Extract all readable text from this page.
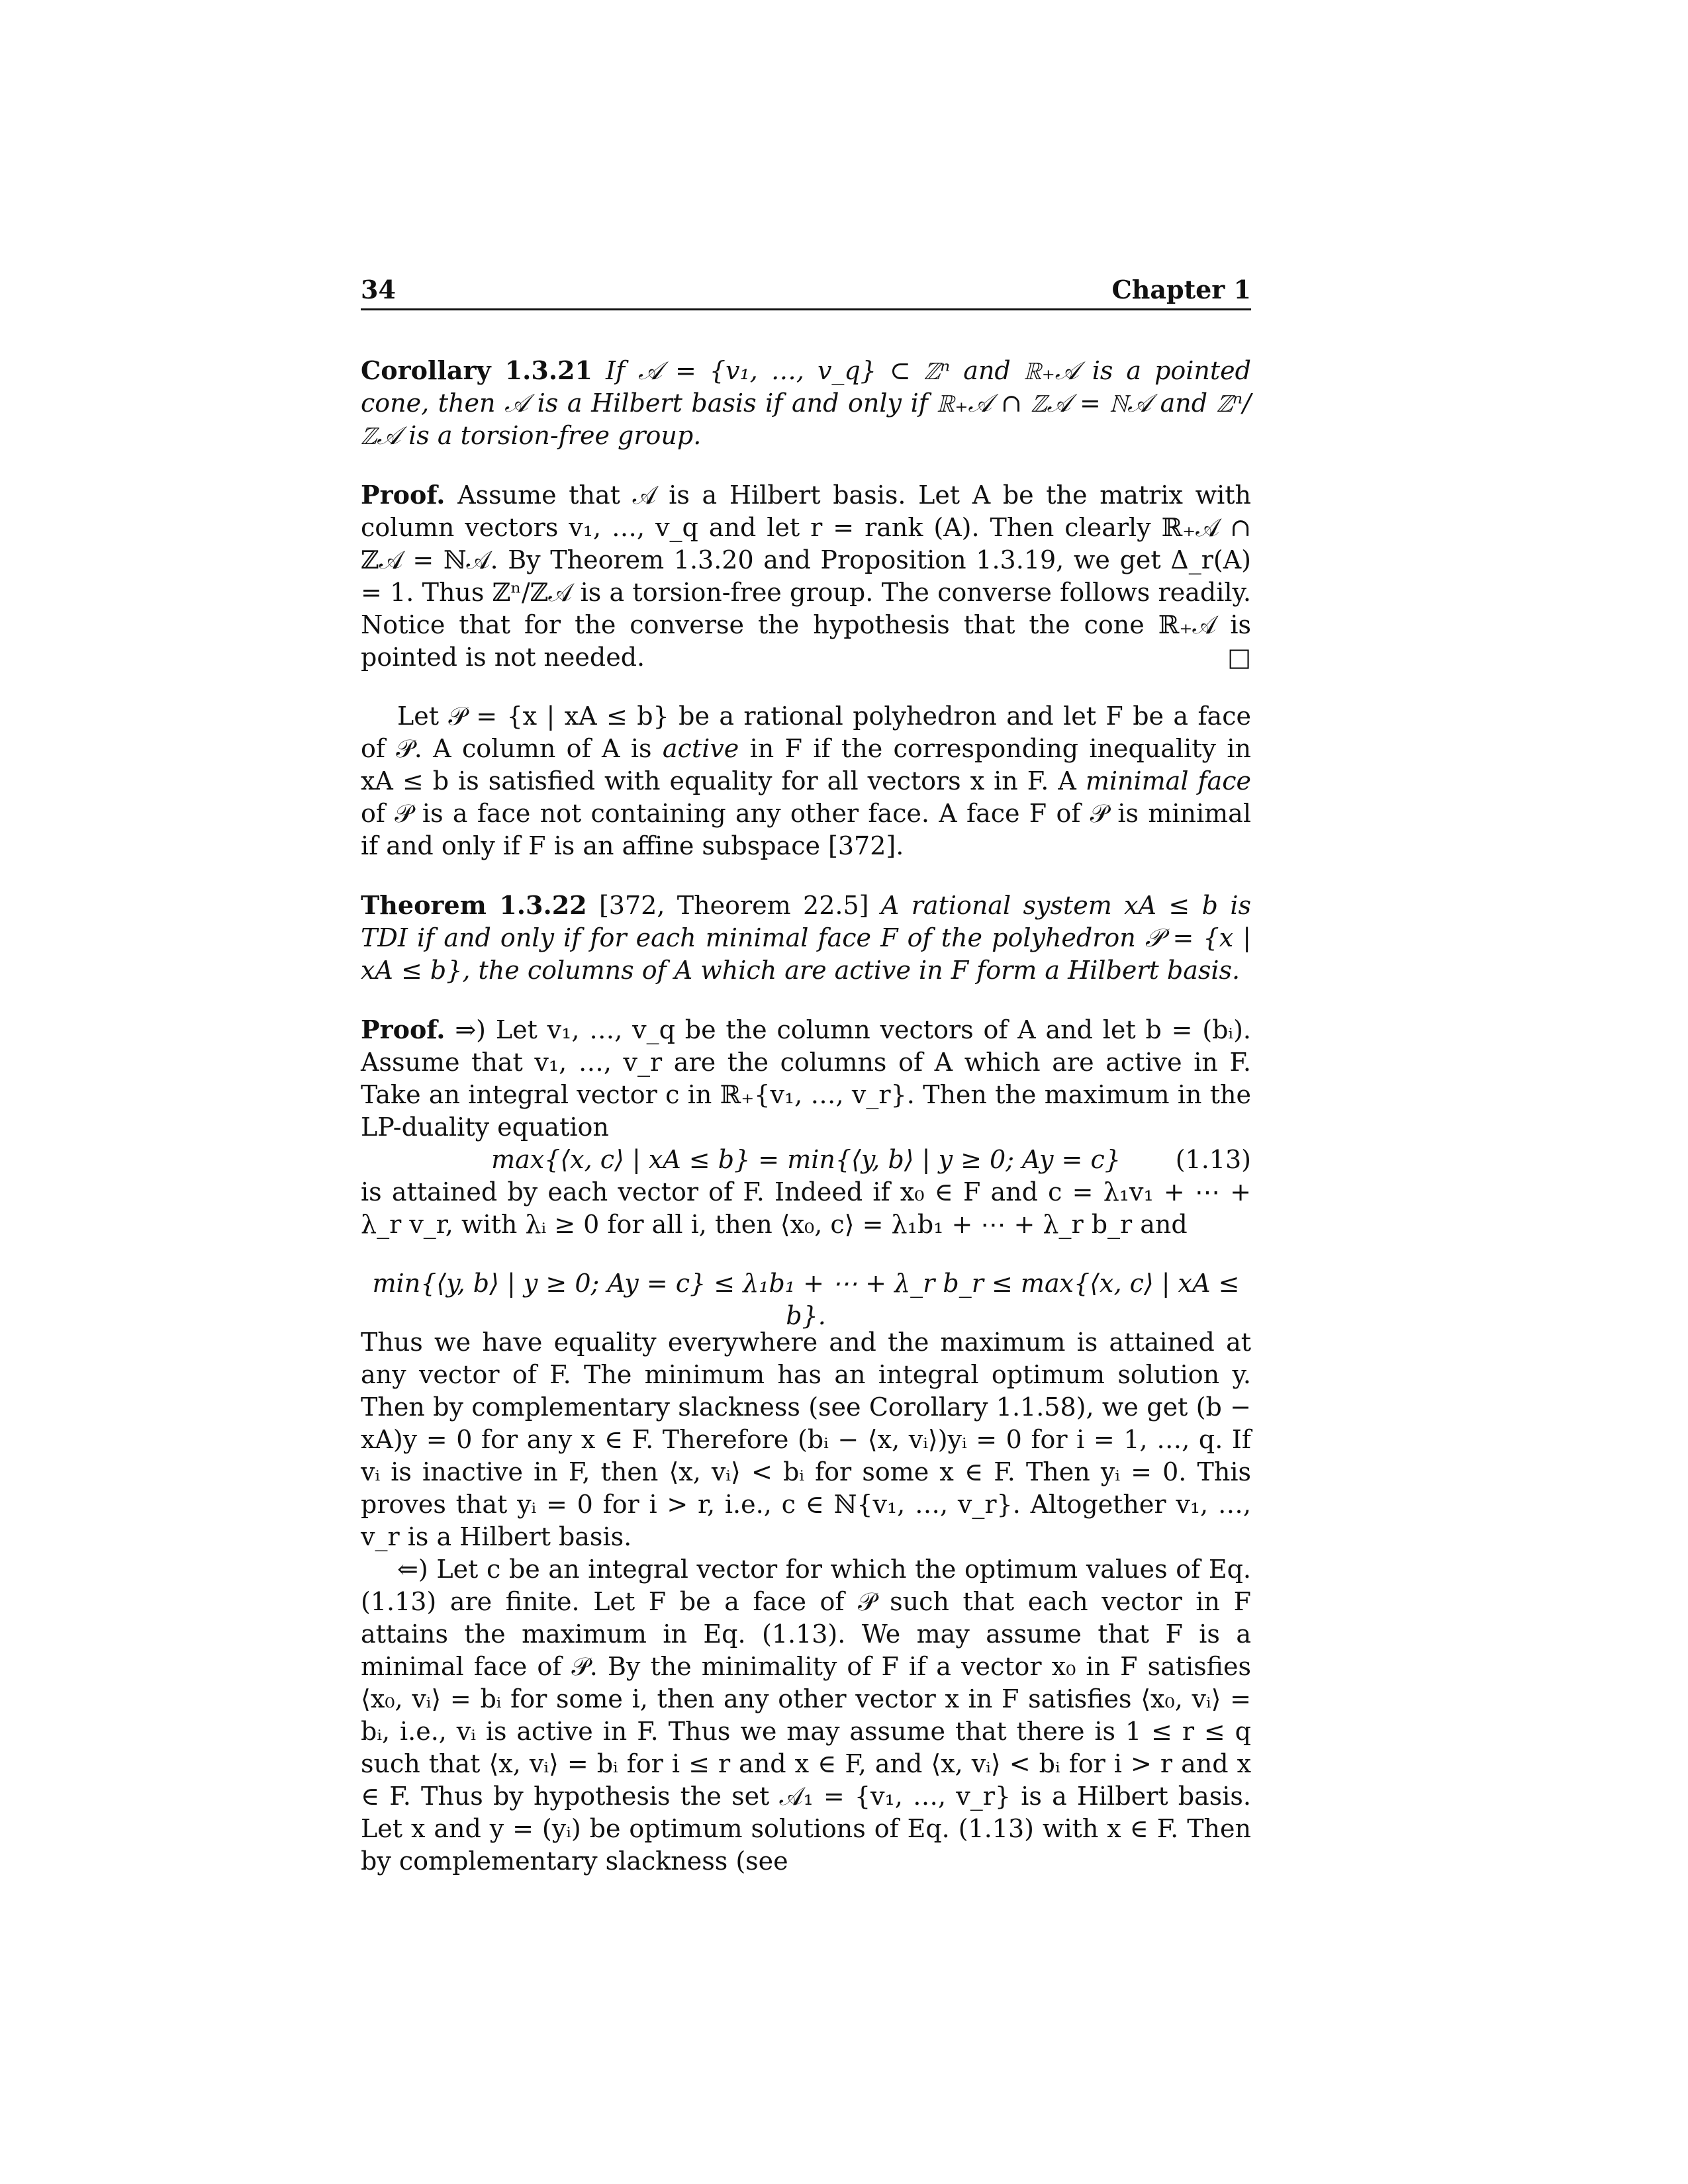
34	Chapter 1

Corollary 1.3.21 If 𝒜 = {v₁, …, v_q} ⊂ ℤⁿ and ℝ₊𝒜 is a pointed cone, then 𝒜 is a Hilbert basis if and only if ℝ₊𝒜 ∩ ℤ𝒜 = ℕ𝒜 and ℤⁿ/ℤ𝒜 is a torsion-free group.

Proof. Assume that 𝒜 is a Hilbert basis. Let A be the matrix with column vectors v₁, …, v_q and let r = rank (A). Then clearly ℝ₊𝒜 ∩ ℤ𝒜 = ℕ𝒜. By Theorem 1.3.20 and Proposition 1.3.19, we get Δ_r(A) = 1. Thus ℤⁿ/ℤ𝒜 is a torsion-free group. The converse follows readily. Notice that for the converse the hypothesis that the cone ℝ₊𝒜 is pointed is not needed.	□

Let 𝒫 = {x | xA ≤ b} be a rational polyhedron and let F be a face of 𝒫. A column of A is active in F if the corresponding inequality in xA ≤ b is satisfied with equality for all vectors x in F. A minimal face of 𝒫 is a face not containing any other face. A face F of 𝒫 is minimal if and only if F is an affine subspace [372].

Theorem 1.3.22 [372, Theorem 22.5] A rational system xA ≤ b is TDI if and only if for each minimal face F of the polyhedron 𝒫 = {x | xA ≤ b}, the columns of A which are active in F form a Hilbert basis.

Proof. ⇒) Let v₁, …, v_q be the column vectors of A and let b = (bᵢ). Assume that v₁, …, v_r are the columns of A which are active in F. Take an integral vector c in ℝ₊{v₁, …, v_r}. Then the maximum in the LP-duality equation

max{⟨x, c⟩ | xA ≤ b} = min{⟨y, b⟩ | y ≥ 0; Ay = c}	(1.13)

is attained by each vector of F. Indeed if x₀ ∈ F and c = λ₁v₁ + ⋯ + λ_r v_r, with λᵢ ≥ 0 for all i, then ⟨x₀, c⟩ = λ₁b₁ + ⋯ + λ_r b_r and

min{⟨y, b⟩ | y ≥ 0; Ay = c} ≤ λ₁b₁ + ⋯ + λ_r b_r ≤ max{⟨x, c⟩ | xA ≤ b}.

Thus we have equality everywhere and the maximum is attained at any vector of F. The minimum has an integral optimum solution y. Then by complementary slackness (see Corollary 1.1.58), we get (b − xA)y = 0 for any x ∈ F. Therefore (bᵢ − ⟨x, vᵢ⟩)yᵢ = 0 for i = 1, …, q. If vᵢ is inactive in F, then ⟨x, vᵢ⟩ < bᵢ for some x ∈ F. Then yᵢ = 0. This proves that yᵢ = 0 for i > r, i.e., c ∈ ℕ{v₁, …, v_r}. Altogether v₁, …, v_r is a Hilbert basis.

⇐) Let c be an integral vector for which the optimum values of Eq. (1.13) are finite. Let F be a face of 𝒫 such that each vector in F attains the maximum in Eq. (1.13). We may assume that F is a minimal face of 𝒫. By the minimality of F if a vector x₀ in F satisfies ⟨x₀, vᵢ⟩ = bᵢ for some i, then any other vector x in F satisfies ⟨x₀, vᵢ⟩ = bᵢ, i.e., vᵢ is active in F. Thus we may assume that there is 1 ≤ r ≤ q such that ⟨x, vᵢ⟩ = bᵢ for i ≤ r and x ∈ F, and ⟨x, vᵢ⟩ < bᵢ for i > r and x ∈ F. Thus by hypothesis the set 𝒜₁ = {v₁, …, v_r} is a Hilbert basis. Let x and y = (yᵢ) be optimum solutions of Eq. (1.13) with x ∈ F. Then by complementary slackness (see
